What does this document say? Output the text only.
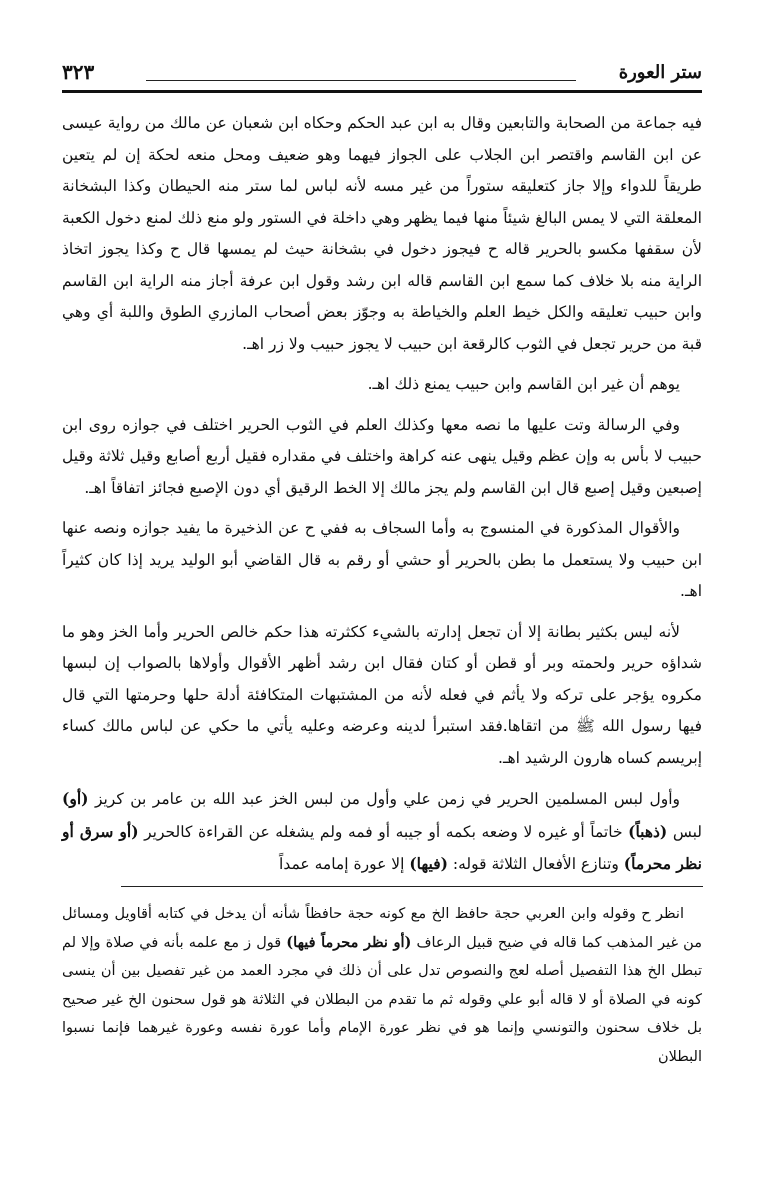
ستر العورة
٣٢٣

فيه جماعة من الصحابة والتابعين وقال به ابن عبد الحكم وحكاه ابن شعبان عن مالك من رواية عيسى عن ابن القاسم واقتصر ابن الجلاب على الجواز فيهما وهو ضعيف ومحل منعه لحكة إن لم يتعين طريقاً للدواء وإلا جاز كتعليقه ستوراً من غير مسه لأنه لباس لما ستر منه الحيطان وكذا البشخانة المعلقة التي لا يمس البالغ شيئاً منها فيما يظهر وهي داخلة في الستور ولو منع ذلك لمنع دخول الكعبة لأن سقفها مكسو بالحرير قاله ح فيجوز دخول في بشخانة حيث لم يمسها قال ح وكذا يجوز اتخاذ الراية منه بلا خلاف كما سمع ابن القاسم قاله ابن رشد وقول ابن عرفة أجاز منه الراية ابن القاسم وابن حبيب تعليقه والكل خيط العلم والخياطة به وجوّز بعض أصحاب المازري الطوق واللبة أي وهي قبة من حرير تجعل في الثوب كالرقعة ابن حبيب لا يجوز حبيب ولا زر اهـ.

يوهم أن غير ابن القاسم وابن حبيب يمنع ذلك اهـ.

وفي الرسالة وتت عليها ما نصه معها وكذلك العلم في الثوب الحرير اختلف في جوازه روى ابن حبيب لا بأس به وإن عظم وقيل ينهى عنه كراهة واختلف في مقداره فقيل أربع أصابع وقيل ثلاثة وقيل إصبعين وقيل إصبع قال ابن القاسم ولم يجز مالك إلا الخط الرقيق أي دون الإصبع فجائز اتفاقاً اهـ.

والأقوال المذكورة في المنسوج به وأما السجاف به ففي ح عن الذخيرة ما يفيد جوازه ونصه عنها ابن حبيب ولا يستعمل ما بطن بالحرير أو حشي أو رقم به قال القاضي أبو الوليد يريد إذا كان كثيراً اهـ.

لأنه ليس بكثير بطانة إلا أن تجعل إدارته بالشيء ككثرته هذا حكم خالص الحرير وأما الخز وهو ما شداؤه حرير ولحمته وبر أو قطن أو كتان فقال ابن رشد أظهر الأقوال وأولاها بالصواب إن لبسها مكروه يؤجر على تركه ولا يأثم في فعله لأنه من المشتبهات المتكافئة أدلة حلها وحرمتها التي قال فيها رسول الله ﷺ من اتقاها.فقد استبرأ لدينه وعرضه وعليه يأتي ما حكي عن لباس مالك كساء إبريسم كساه هارون الرشيد اهـ.

وأول لبس المسلمين الحرير في زمن علي وأول من لبس الخز عبد الله بن عامر بن كريز (أو) لبس (ذهباً) خاتماً أو غيره لا وضعه بكمه أو جيبه أو فمه ولم يشغله عن القراءة كالحرير (أو سرق أو نظر محرماً) وتنازع الأفعال الثلاثة قوله: (فيها) إلا عورة إمامه عمداً

انظر ح وقوله وابن العربي حجة حافظ الخ مع كونه حجة حافظاً شأنه أن يدخل في كتابه أقاويل ومسائل من غير المذهب كما قاله في ضيح قبيل الرعاف (أو نظر محرماً فيها) قول ز مع علمه بأنه في صلاة وإلا لم تبطل الخ هذا التفصيل أصله لعج والنصوص تدل على أن ذلك في مجرد العمد من غير تفصيل بين أن ينسى كونه في الصلاة أو لا قاله أبو علي وقوله ثم ما تقدم من البطلان في الثلاثة هو قول سحنون الخ غير صحيح بل خلاف سحنون والتونسي وإنما هو في نظر عورة الإمام وأما عورة نفسه وعورة غيرهما فإنما نسبوا البطلان
